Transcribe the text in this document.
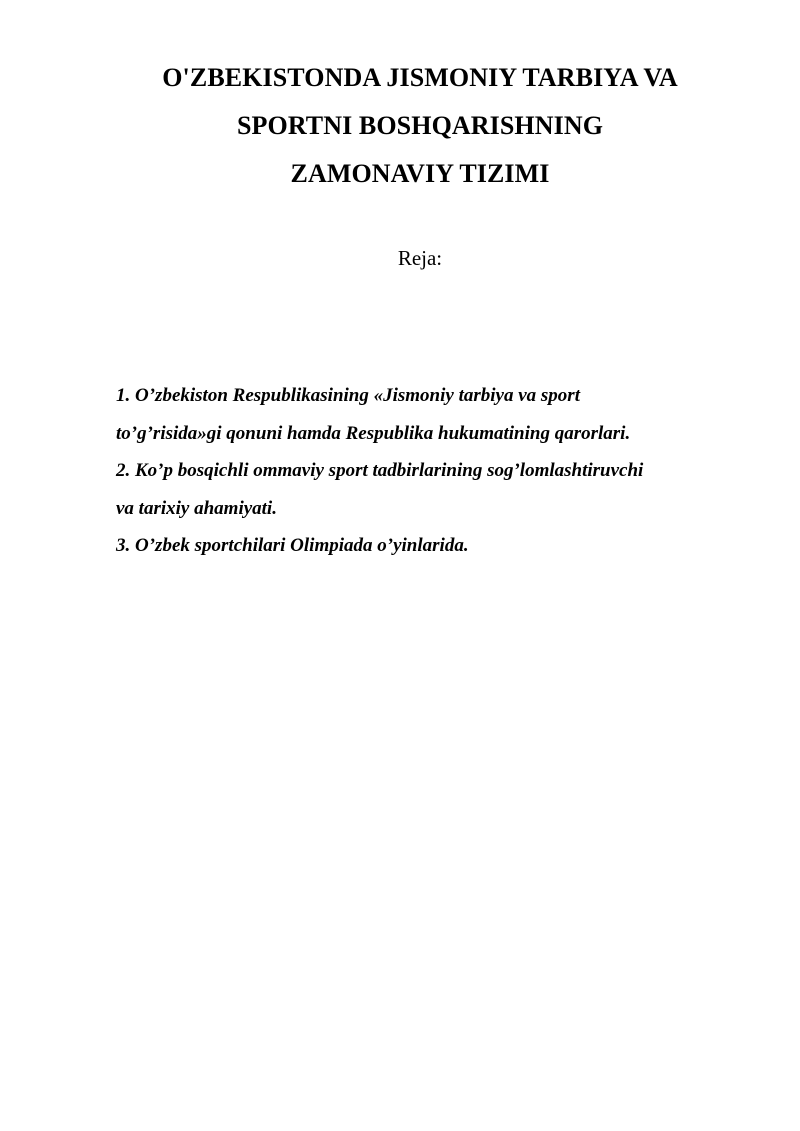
O'ZBEKISTONDA JISMONIY TARBIYA VA
SPORTNI BOSHQARISHNING
ZAMONAVIY TIZIMI
Reja:
1. O’zbekiston Respublikasining «Jismoniy tarbiya va sport
to’g’risida»gi qonuni hamda Respublika hukumatining qarorlari.
2. Ko’p bosqichli ommaviy sport tadbirlarining sog’lomlashtiruvchi
va tarixiy ahamiyati.
3. O’zbek sportchilari Olimpiada o’yinlarida.
